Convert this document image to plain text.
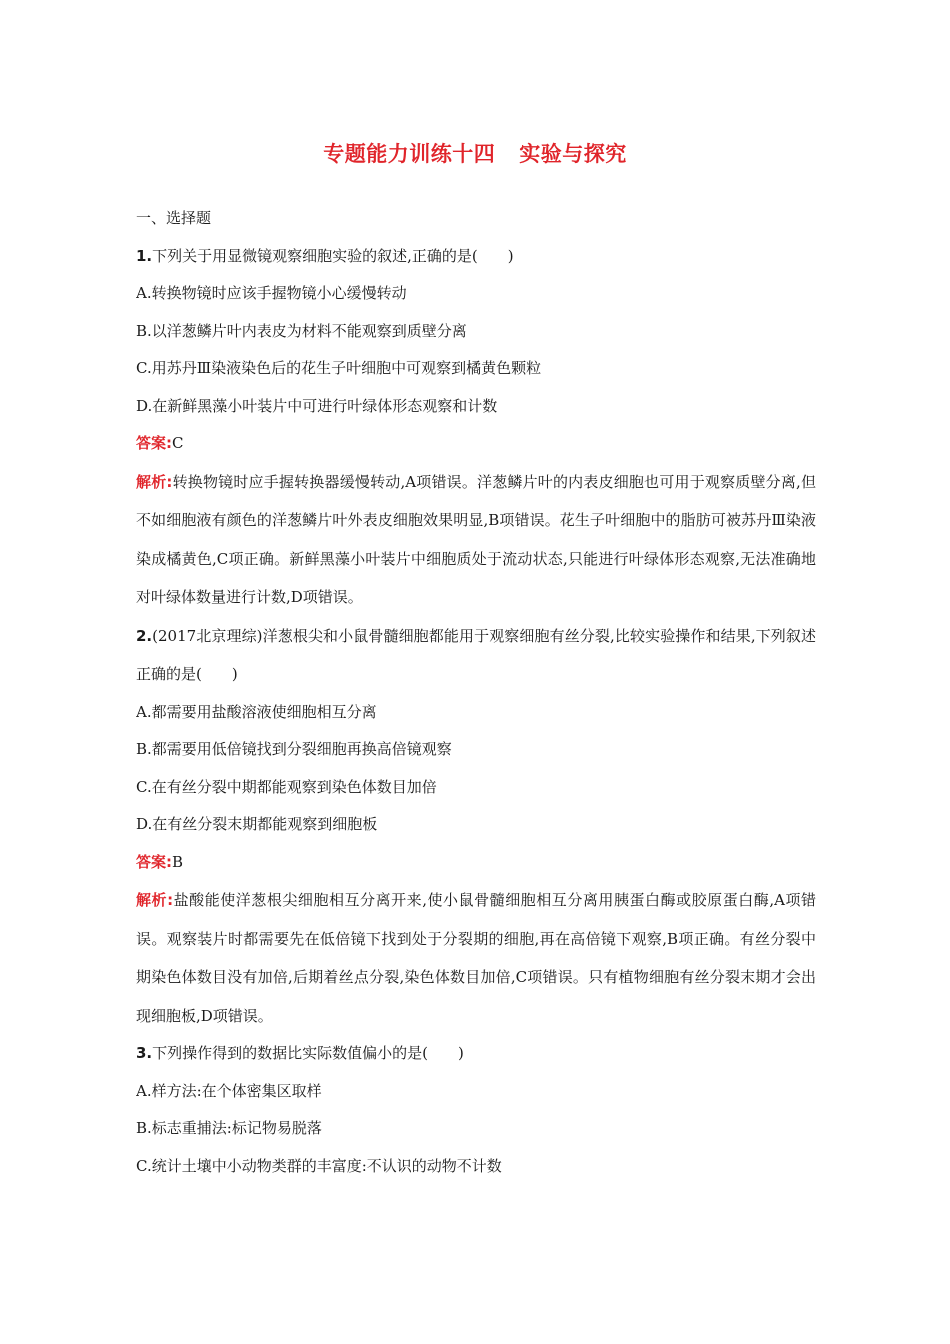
专题能力训练十四 实验与探究
一、选择题
1.下列关于用显微镜观察细胞实验的叙述,正确的是(　　)
A.转换物镜时应该手握物镜小心缓慢转动
B.以洋葱鳞片叶内表皮为材料不能观察到质壁分离
C.用苏丹Ⅲ染液染色后的花生子叶细胞中可观察到橘黄色颗粒
D.在新鲜黑藻小叶装片中可进行叶绿体形态观察和计数
答案:C
解析:转换物镜时应手握转换器缓慢转动,A项错误。洋葱鳞片叶的内表皮细胞也可用于观察质壁分离,但不如细胞液有颜色的洋葱鳞片叶外表皮细胞效果明显,B项错误。花生子叶细胞中的脂肪可被苏丹Ⅲ染液染成橘黄色,C项正确。新鲜黑藻小叶装片中细胞质处于流动状态,只能进行叶绿体形态观察,无法准确地对叶绿体数量进行计数,D项错误。
2.(2017北京理综)洋葱根尖和小鼠骨髓细胞都能用于观察细胞有丝分裂,比较实验操作和结果,下列叙述正确的是(　　)
A.都需要用盐酸溶液使细胞相互分离
B.都需要用低倍镜找到分裂细胞再换高倍镜观察
C.在有丝分裂中期都能观察到染色体数目加倍
D.在有丝分裂末期都能观察到细胞板
答案:B
解析:盐酸能使洋葱根尖细胞相互分离开来,使小鼠骨髓细胞相互分离用胰蛋白酶或胶原蛋白酶,A项错误。观察装片时都需要先在低倍镜下找到处于分裂期的细胞,再在高倍镜下观察,B项正确。有丝分裂中期染色体数目没有加倍,后期着丝点分裂,染色体数目加倍,C项错误。只有植物细胞有丝分裂末期才会出现细胞板,D项错误。
3.下列操作得到的数据比实际数值偏小的是(　　)
A.样方法:在个体密集区取样
B.标志重捕法:标记物易脱落
C.统计土壤中小动物类群的丰富度:不认识的动物不计数
